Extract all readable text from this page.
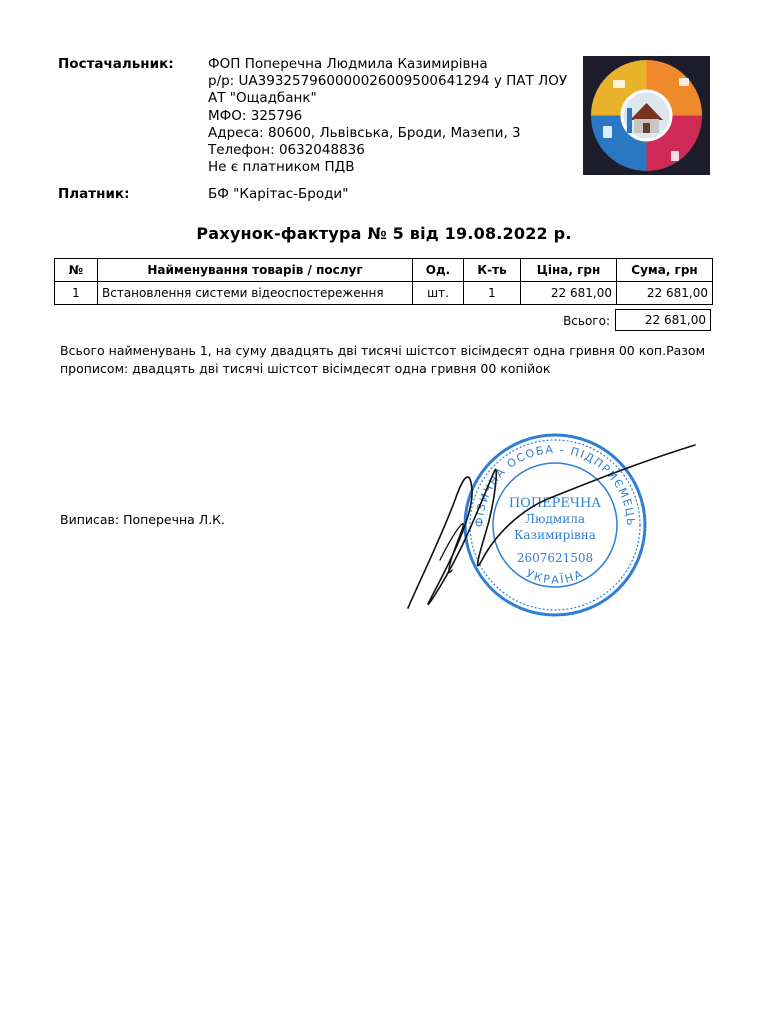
Постачальник:	ФОП Поперечна Людмила Казимирівна
р/р: UA393257960000026009500641294 у ПАТ ЛОУ
АТ "Ощадбанк"
МФО: 325796
Адреса: 80600, Львівська, Броди, Мазепи, 3
Телефон: 0632048836
Не є платником ПДВ
Платник:	БФ "Карітас-Броди"
Рахунок-фактура № 5 від 19.08.2022 р.
№	Найменування товарів / послуг	Од.	К-ть	Ціна, грн	Сума, грн
1	Встановлення системи відеоспостереження	шт.	1	22 681,00	22 681,00
Всього:	22 681,00
Всього найменувань 1, на суму двадцять дві тисячі шістсот вісімдесят одна гривня 00 коп.Разом прописом: двадцять дві тисячі шістсот вісімдесят одна гривня 00 копійок
Виписав: Поперечна Л.К.	ФІЗИЧНА ОСОБА - ПІДПРИЄМЕЦЬ
УКРАЇНА
ПОПЕРЕЧНА
Людмила
Казимирівна
2607621508
